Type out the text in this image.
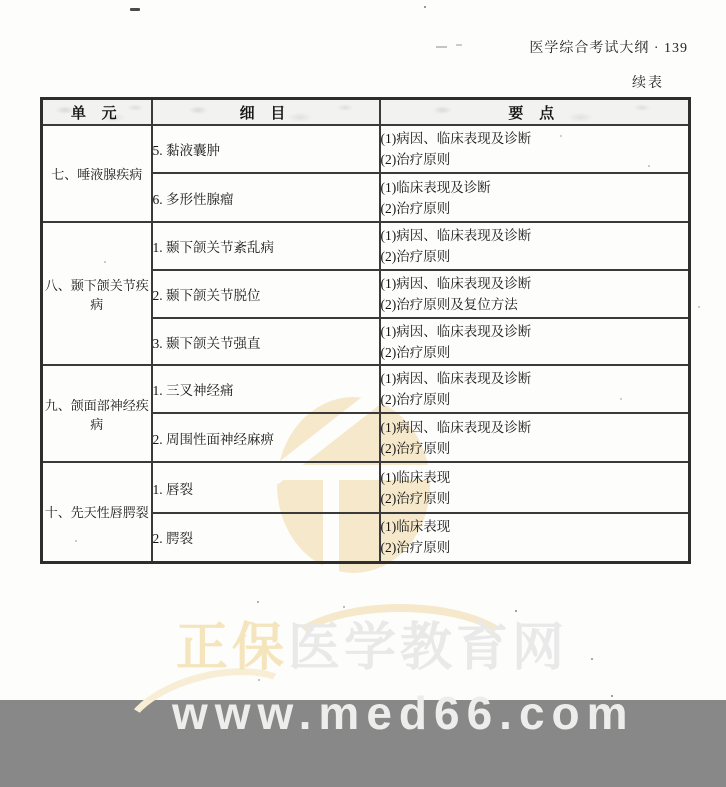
正保医学教育网
www.med66.com
医学综合考试大纲 · 139
续表
单 元	细 目	要 点
七、唾液腺疾病	5. 黏液囊肿	(1)病因、临床表现及诊断
(2)治疗原则

	6. 多形性腺瘤	(1)临床表现及诊断
(2)治疗原则

八、颞下颌关节疾病	1. 颞下颌关节紊乱病	(1)病因、临床表现及诊断
(2)治疗原则

	2. 颞下颌关节脱位	(1)病因、临床表现及诊断
(2)治疗原则及复位方法

	3. 颞下颌关节强直	(1)病因、临床表现及诊断
(2)治疗原则

九、颌面部神经疾病	1. 三叉神经痛	(1)病因、临床表现及诊断
(2)治疗原则

	2. 周围性面神经麻痹	(1)病因、临床表现及诊断
(2)治疗原则

十、先天性唇腭裂	1. 唇裂	(1)临床表现
(2)治疗原则

	2. 腭裂	(1)临床表现
(2)治疗原则
